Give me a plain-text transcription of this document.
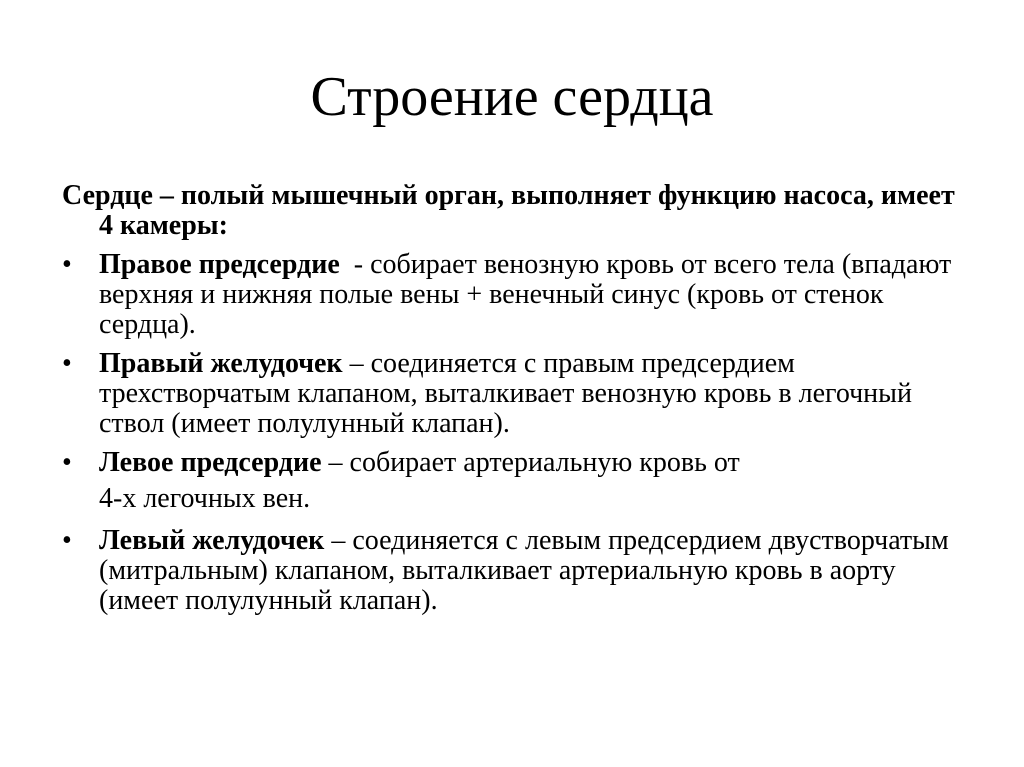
Строение сердца

Сердце – полый мышечный орган, выполняет функцию насоса, имеет 4 камеры:

• Правое предсердие  - собирает венозную кровь от всего тела (впадают верхняя и нижняя полые вены + венечный синус (кровь от стенок сердца).
• Правый желудочек – соединяется с правым предсердием трехстворчатым клапаном, выталкивает венозную кровь в легочный ствол (имеет полулунный клапан).
• Левое предсердие – собирает артериальную кровь от

4-х легочных вен.

• Левый желудочек – соединяется с левым предсердием двустворчатым (митральным) клапаном, выталкивает артериальную кровь в аорту (имеет полулунный клапан).
